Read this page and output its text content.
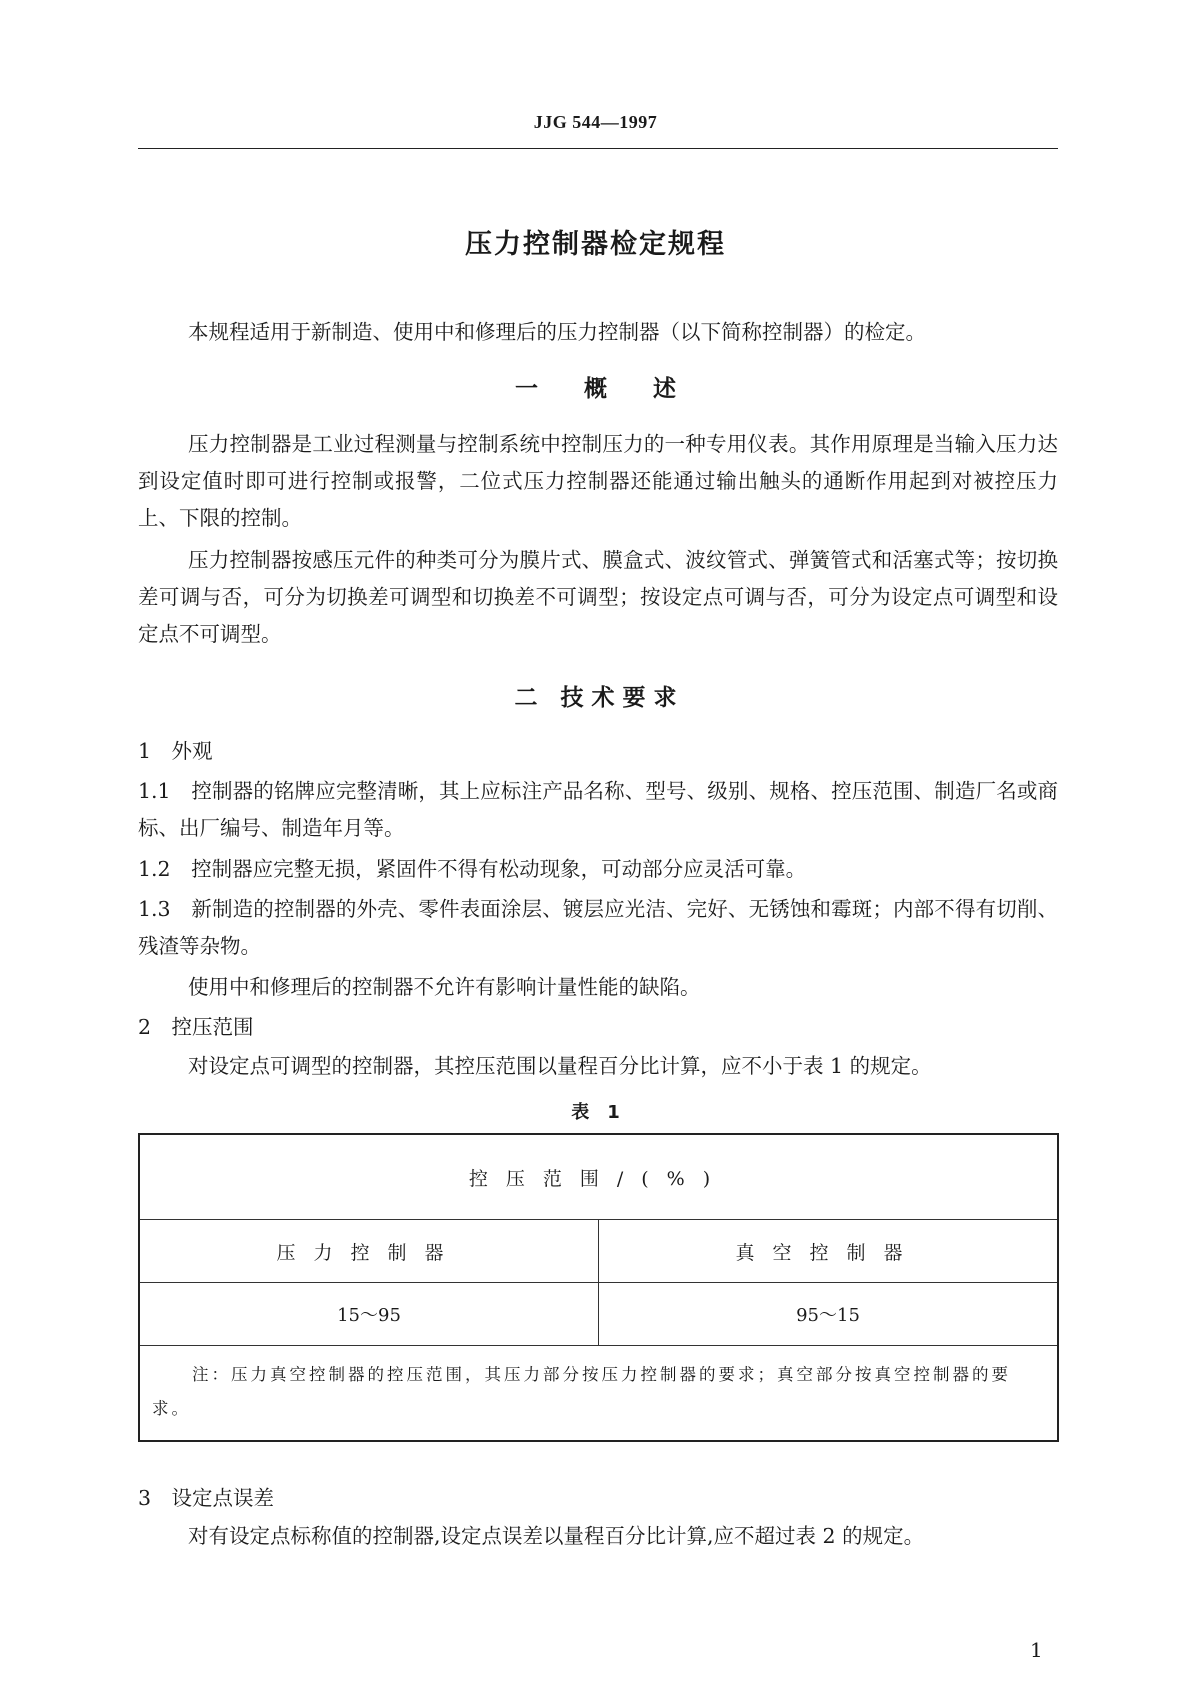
JJG 544—1997
压力控制器检定规程
本规程适用于新制造、使用中和修理后的压力控制器（以下简称控制器）的检定。
一　　概　　述
压力控制器是工业过程测量与控制系统中控制压力的一种专用仪表。其作用原理是当输入压力达到设定值时即可进行控制或报警，二位式压力控制器还能通过输出触头的通断作用起到对被控压力上、下限的控制。
压力控制器按感压元件的种类可分为膜片式、膜盒式、波纹管式、弹簧管式和活塞式等；按切换差可调与否，可分为切换差可调型和切换差不可调型；按设定点可调与否，可分为设定点可调型和设定点不可调型。
二　技 术 要 求
1　外观
1.1　控制器的铭牌应完整清晰，其上应标注产品名称、型号、级别、规格、控压范围、制造厂名或商标、出厂编号、制造年月等。
1.2　控制器应完整无损，紧固件不得有松动现象，可动部分应灵活可靠。
1.3　新制造的控制器的外壳、零件表面涂层、镀层应光洁、完好、无锈蚀和霉斑；内部不得有切削、残渣等杂物。
使用中和修理后的控制器不允许有影响计量性能的缺陷。
2　控压范围
对设定点可调型的控制器，其控压范围以量程百分比计算，应不小于表 1 的规定。
表　1
控压范围/(%)	
压力控制器	真空控制器
15～95	95～15

注：压力真空控制器的控压范围，其压力部分按压力控制器的要求；真空部分按真空控制器的要求。	
3　设定点误差
对有设定点标称值的控制器,设定点误差以量程百分比计算,应不超过表 2 的规定。
1
